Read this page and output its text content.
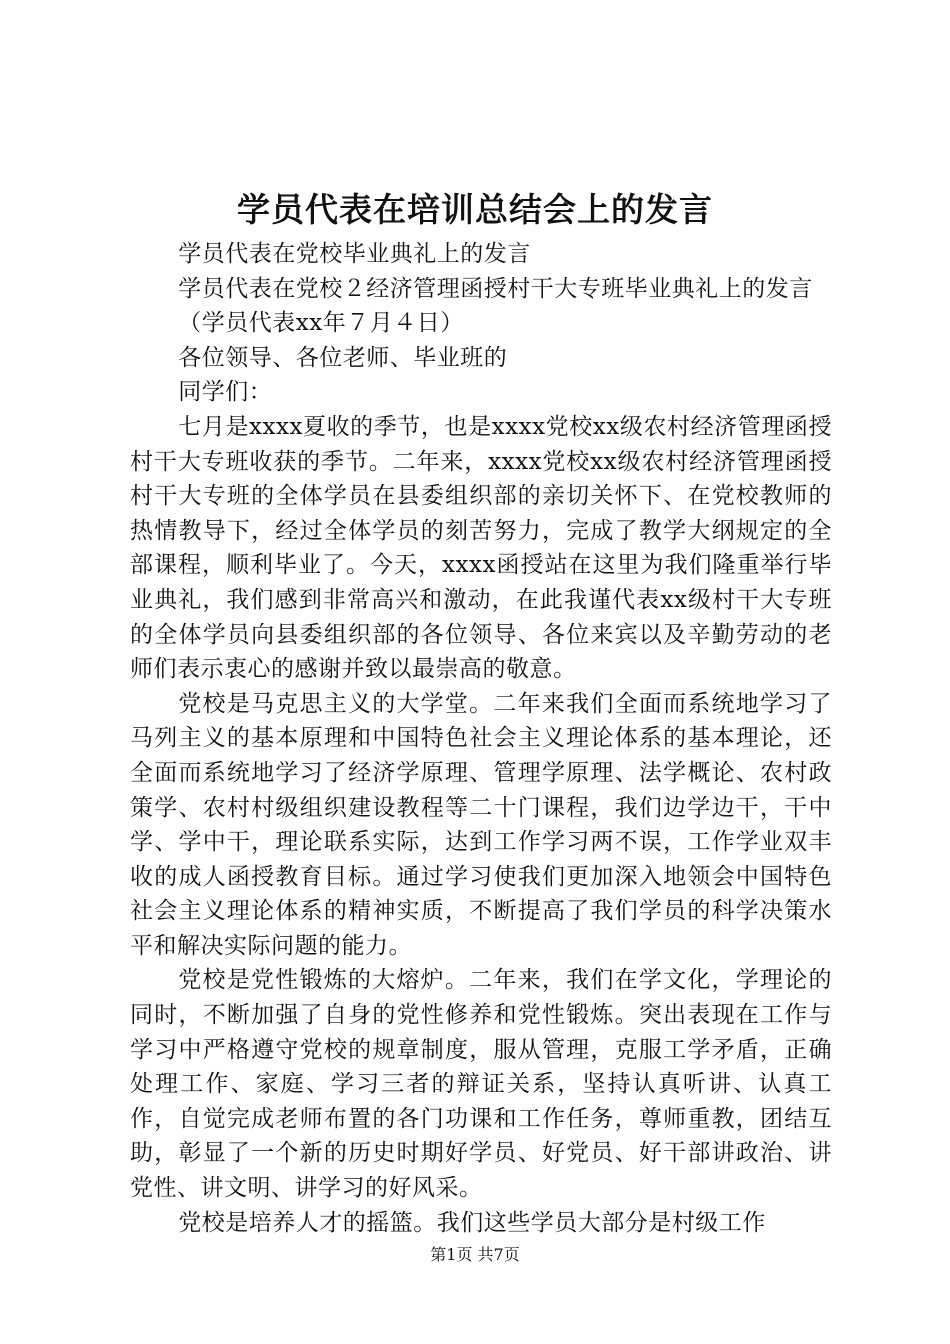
学员代表在培训总结会上的发言

学员代表在党校毕业典礼上的发言

学员代表在党校２经济管理函授村干大专班毕业典礼上的发言

（学员代表xx年７月４日）

各位领导、各位老师、毕业班的

同学们：

七月是xxxx夏收的季节，也是xxxx党校xx级农村经济管理函授村干大专班收获的季节。二年来，xxxx党校xx级农村经济管理函授村干大专班的全体学员在县委组织部的亲切关怀下、在党校教师的热情教导下，经过全体学员的刻苦努力，完成了教学大纲规定的全部课程，顺利毕业了。今天，xxxx函授站在这里为我们隆重举行毕业典礼，我们感到非常高兴和激动，在此我谨代表xx级村干大专班的全体学员向县委组织部的各位领导、各位来宾以及辛勤劳动的老师们表示衷心的感谢并致以最崇高的敬意。

党校是马克思主义的大学堂。二年来我们全面而系统地学习了马列主义的基本原理和中国特色社会主义理论体系的基本理论，还全面而系统地学习了经济学原理、管理学原理、法学概论、农村政策学、农村村级组织建设教程等二十门课程，我们边学边干，干中学、学中干，理论联系实际，达到工作学习两不误，工作学业双丰收的成人函授教育目标。通过学习使我们更加深入地领会中国特色社会主义理论体系的精神实质，不断提高了我们学员的科学决策水平和解决实际问题的能力。

党校是党性锻炼的大熔炉。二年来，我们在学文化，学理论的同时，不断加强了自身的党性修养和党性锻炼。突出表现在工作与学习中严格遵守党校的规章制度，服从管理，克服工学矛盾，正确处理工作、家庭、学习三者的辩证关系，坚持认真听讲、认真工作，自觉完成老师布置的各门功课和工作任务，尊师重教，团结互助，彰显了一个新的历史时期好学员、好党员、好干部讲政治、讲党性、讲文明、讲学习的好风采。

党校是培养人才的摇篮。我们这些学员大部分是村级工作

第1页 共7页
